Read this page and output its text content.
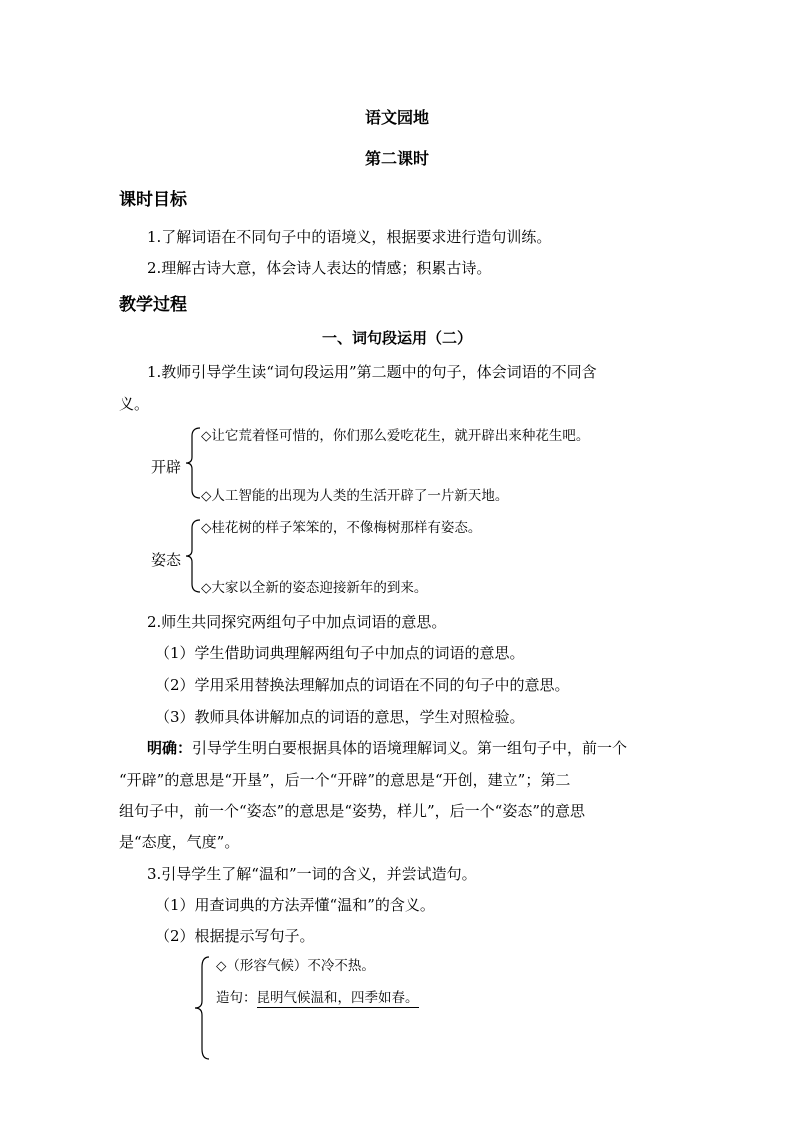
语文园地
第二课时
课时目标
1.了解词语在不同句子中的语境义，根据要求进行造句训练。
2.理解古诗大意，体会诗人表达的情感；积累古诗。
教学过程
一、词句段运用（二）
1.教师引导学生读“词句段运用”第二题中的句子，体会词语的不同含
义。
开辟
◇让它荒着怪可惜的，你们那么爱吃花生，就开辟出来种花生吧。
◇人工智能的出现为人类的生活开辟了一片新天地。
姿态
◇桂花树的样子笨笨的，不像梅树那样有姿态。
◇大家以全新的姿态迎接新年的到来。
2.师生共同探究两组句子中加点词语的意思。
（1）学生借助词典理解两组句子中加点的词语的意思。
（2）学用采用替换法理解加点的词语在不同的句子中的意思。
（3）教师具体讲解加点的词语的意思，学生对照检验。
明确：引导学生明白要根据具体的语境理解词义。第一组句子中，前一个
“开辟”的意思是“开垦”，后一个“开辟”的意思是“开创，建立”；第二
组句子中，前一个“姿态”的意思是“姿势，样儿”，后一个“姿态”的意思
是“态度，气度”。
3.引导学生了解“温和”一词的含义，并尝试造句。
（1）用查词典的方法弄懂“温和”的含义。
（2）根据提示写句子。
◇（形容气候）不冷不热。
造句：昆明气候温和，四季如春。
